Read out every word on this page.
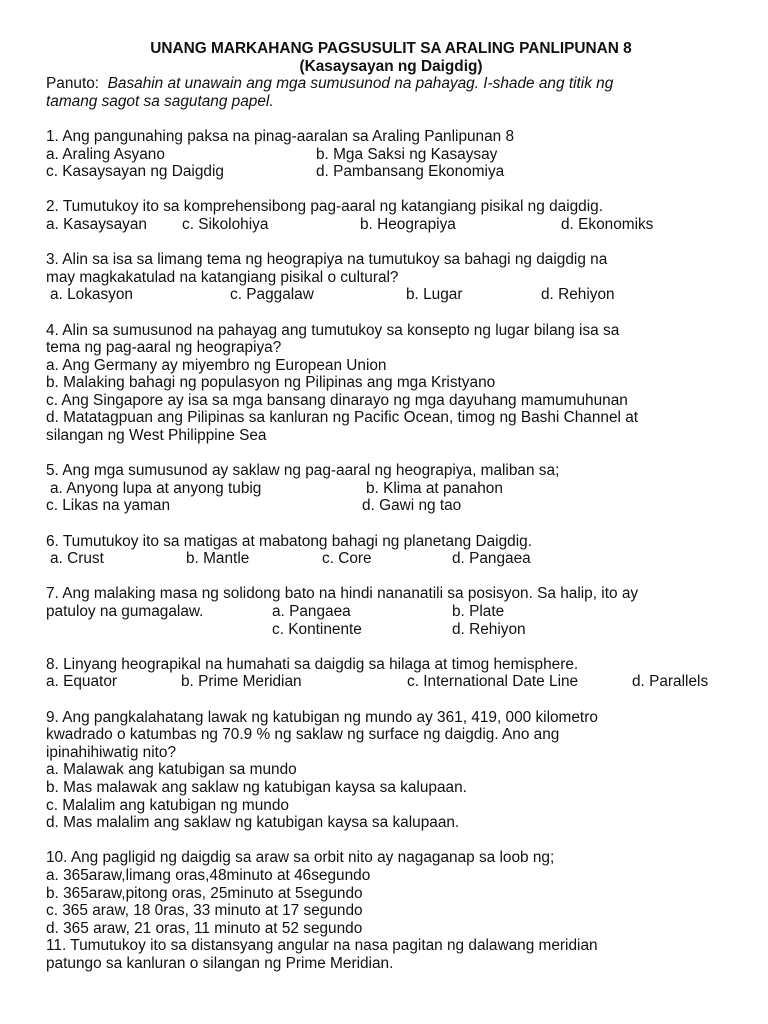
UNANG MARKAHANG PAGSUSULIT SA ARALING PANLIPUNAN 8
(Kasaysayan ng Daigdig)
Panuto: Basahin at unawain ang mga sumusunod na pahayag. I-shade ang titik ng
tamang sagot sa sagutang papel.
1. Ang pangunahing paksa na pinag-aaralan sa Araling Panlipunan 8
a. Araling Asyano	b. Mga Saksi ng Kasaysay
c. Kasaysayan ng Daigdig	d. Pambansang Ekonomiya
2. Tumutukoy ito sa komprehensibong pag-aaral ng katangiang pisikal ng daigdig.
a. Kasaysayan c. Sikolohiya	b. Heograpiya	d. Ekonomiks
3. Alin sa isa sa limang tema ng heograpiya na tumutukoy sa bahagi ng daigdig na
may magkakatulad na katangiang pisikal o cultural?
a. Lokasyon	c. Paggalaw	b. Lugar	d. Rehiyon
4. Alin sa sumusunod na pahayag ang tumutukoy sa konsepto ng lugar bilang isa sa
tema ng pag-aaral ng heograpiya?
a. Ang Germany ay miyembro ng European Union
b. Malaking bahagi ng populasyon ng Pilipinas ang mga Kristyano
c. Ang Singapore ay isa sa mga bansang dinarayo ng mga dayuhang mamumuhunan
d. Matatagpuan ang Pilipinas sa kanluran ng Pacific Ocean, timog ng Bashi Channel at
silangan ng West Philippine Sea
5. Ang mga sumusunod ay saklaw ng pag-aaral ng heograpiya, maliban sa;
a. Anyong lupa at anyong tubig	b. Klima at panahon
c. Likas na yaman	d. Gawi ng tao
6. Tumutukoy ito sa matigas at mabatong bahagi ng planetang Daigdig.
a. Crust	b. Mantle	c. Core	d. Pangaea
7. Ang malaking masa ng solidong bato na hindi nananatili sa posisyon. Sa halip, ito ay
patuloy na gumagalaw.	a. Pangaea	b. Plate
c. Kontinente	d. Rehiyon
8. Linyang heograpikal na humahati sa daigdig sa hilaga at timog hemisphere.
a. Equator	b. Prime Meridian	c. International Date Line	d. Parallels
9. Ang pangkalahatang lawak ng katubigan ng mundo ay 361, 419, 000 kilometro
kwadrado o katumbas ng 70.9 % ng saklaw ng surface ng daigdig. Ano ang
ipinahihiwatig nito?
a. Malawak ang katubigan sa mundo
b. Mas malawak ang saklaw ng katubigan kaysa sa kalupaan.
c. Malalim ang katubigan ng mundo
d. Mas malalim ang saklaw ng katubigan kaysa sa kalupaan.
10. Ang pagligid ng daigdig sa araw sa orbit nito ay nagaganap sa loob ng;
a. 365araw,limang oras,48minuto at 46segundo
b. 365araw,pitong oras, 25minuto at 5segundo
c. 365 araw, 18 0ras, 33 minuto at 17 segundo
d. 365 araw, 21 oras, 11 minuto at 52 segundo
11. Tumutukoy ito sa distansyang angular na nasa pagitan ng dalawang meridian
patungo sa kanluran o silangan ng Prime Meridian.
